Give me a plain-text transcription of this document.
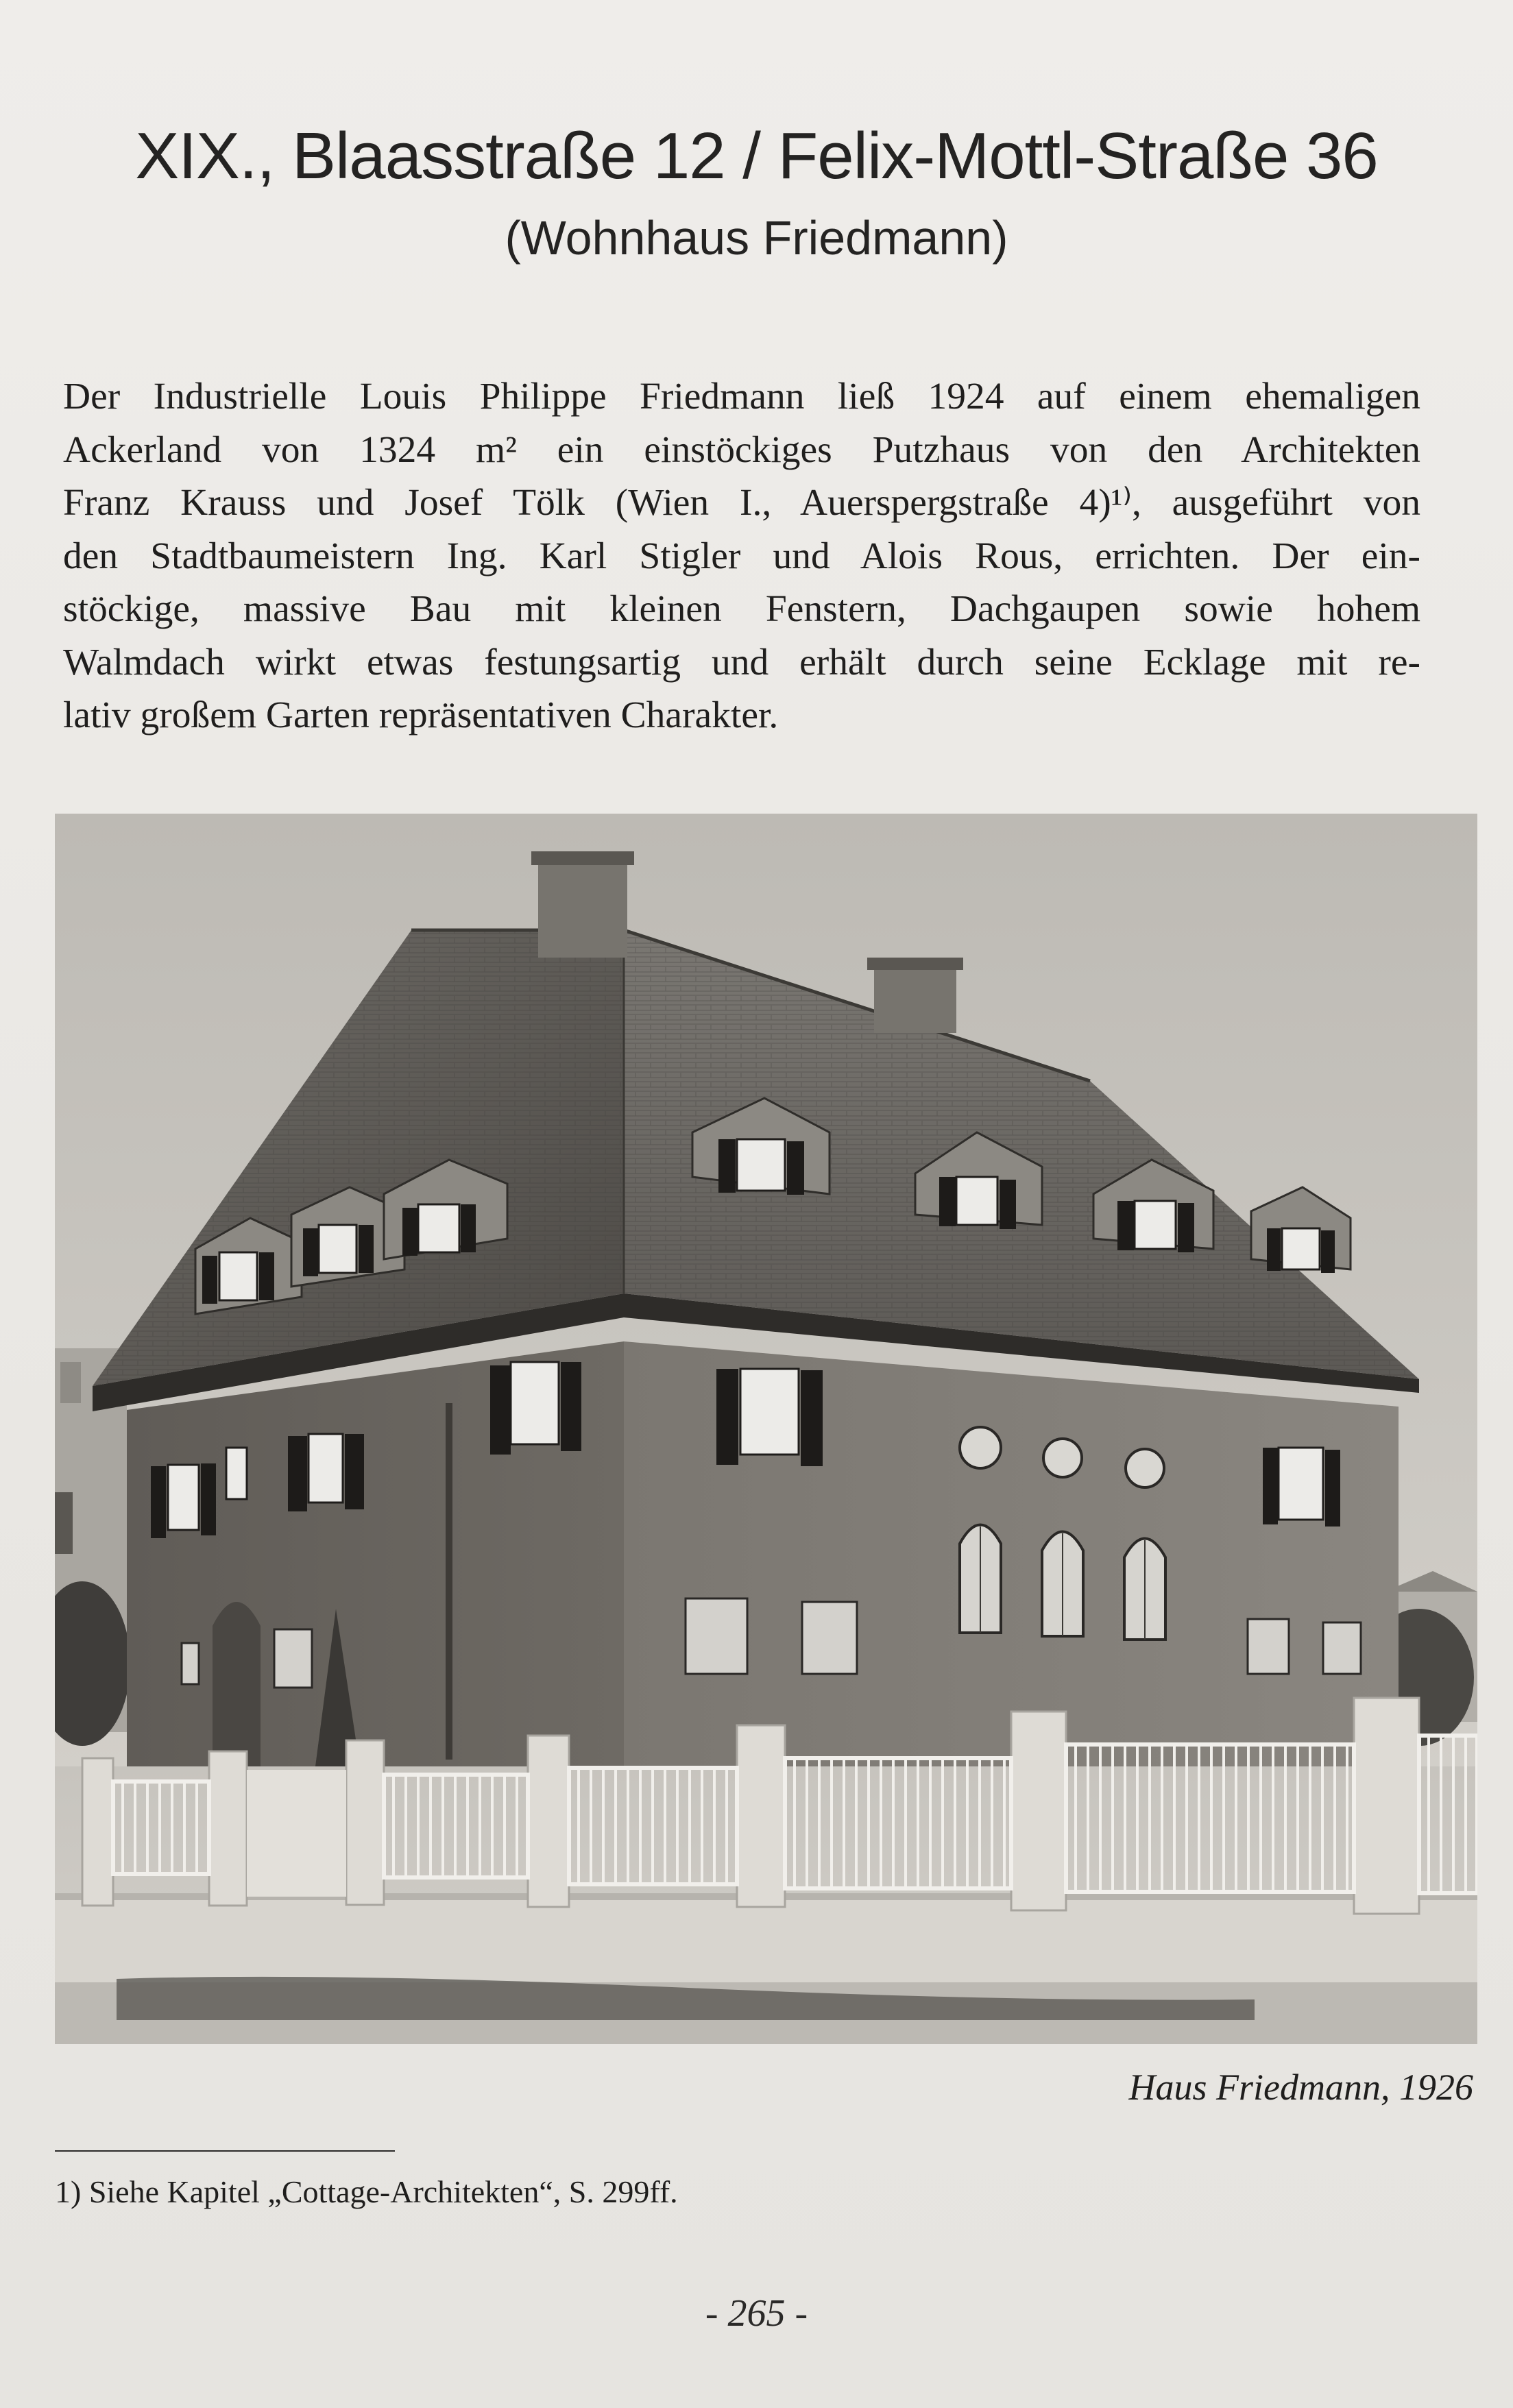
XIX., Blaasstraße 12 / Felix-Mottl-Straße 36
(Wohnhaus Friedmann)
Der Industrielle Louis Philippe Friedmann ließ 1924 auf einem ehemaligen
Ackerland von 1324 m² ein einstöckiges Putzhaus von den Architekten
Franz Krauss und Josef Tölk (Wien I., Auerspergstraße 4)¹⁾, ausgeführt von
den Stadtbaumeistern Ing. Karl Stigler und Alois Rous, errichten. Der ein-
stöckige, massive Bau mit kleinen Fenstern, Dachgaupen sowie hohem
Walmdach wirkt etwas festungsartig und erhält durch seine Ecklage mit re-
lativ großem Garten repräsentativen Charakter.
Haus Friedmann, 1926
1) Siehe Kapitel „Cottage-Architekten“, S. 299ff.
- 265 -
